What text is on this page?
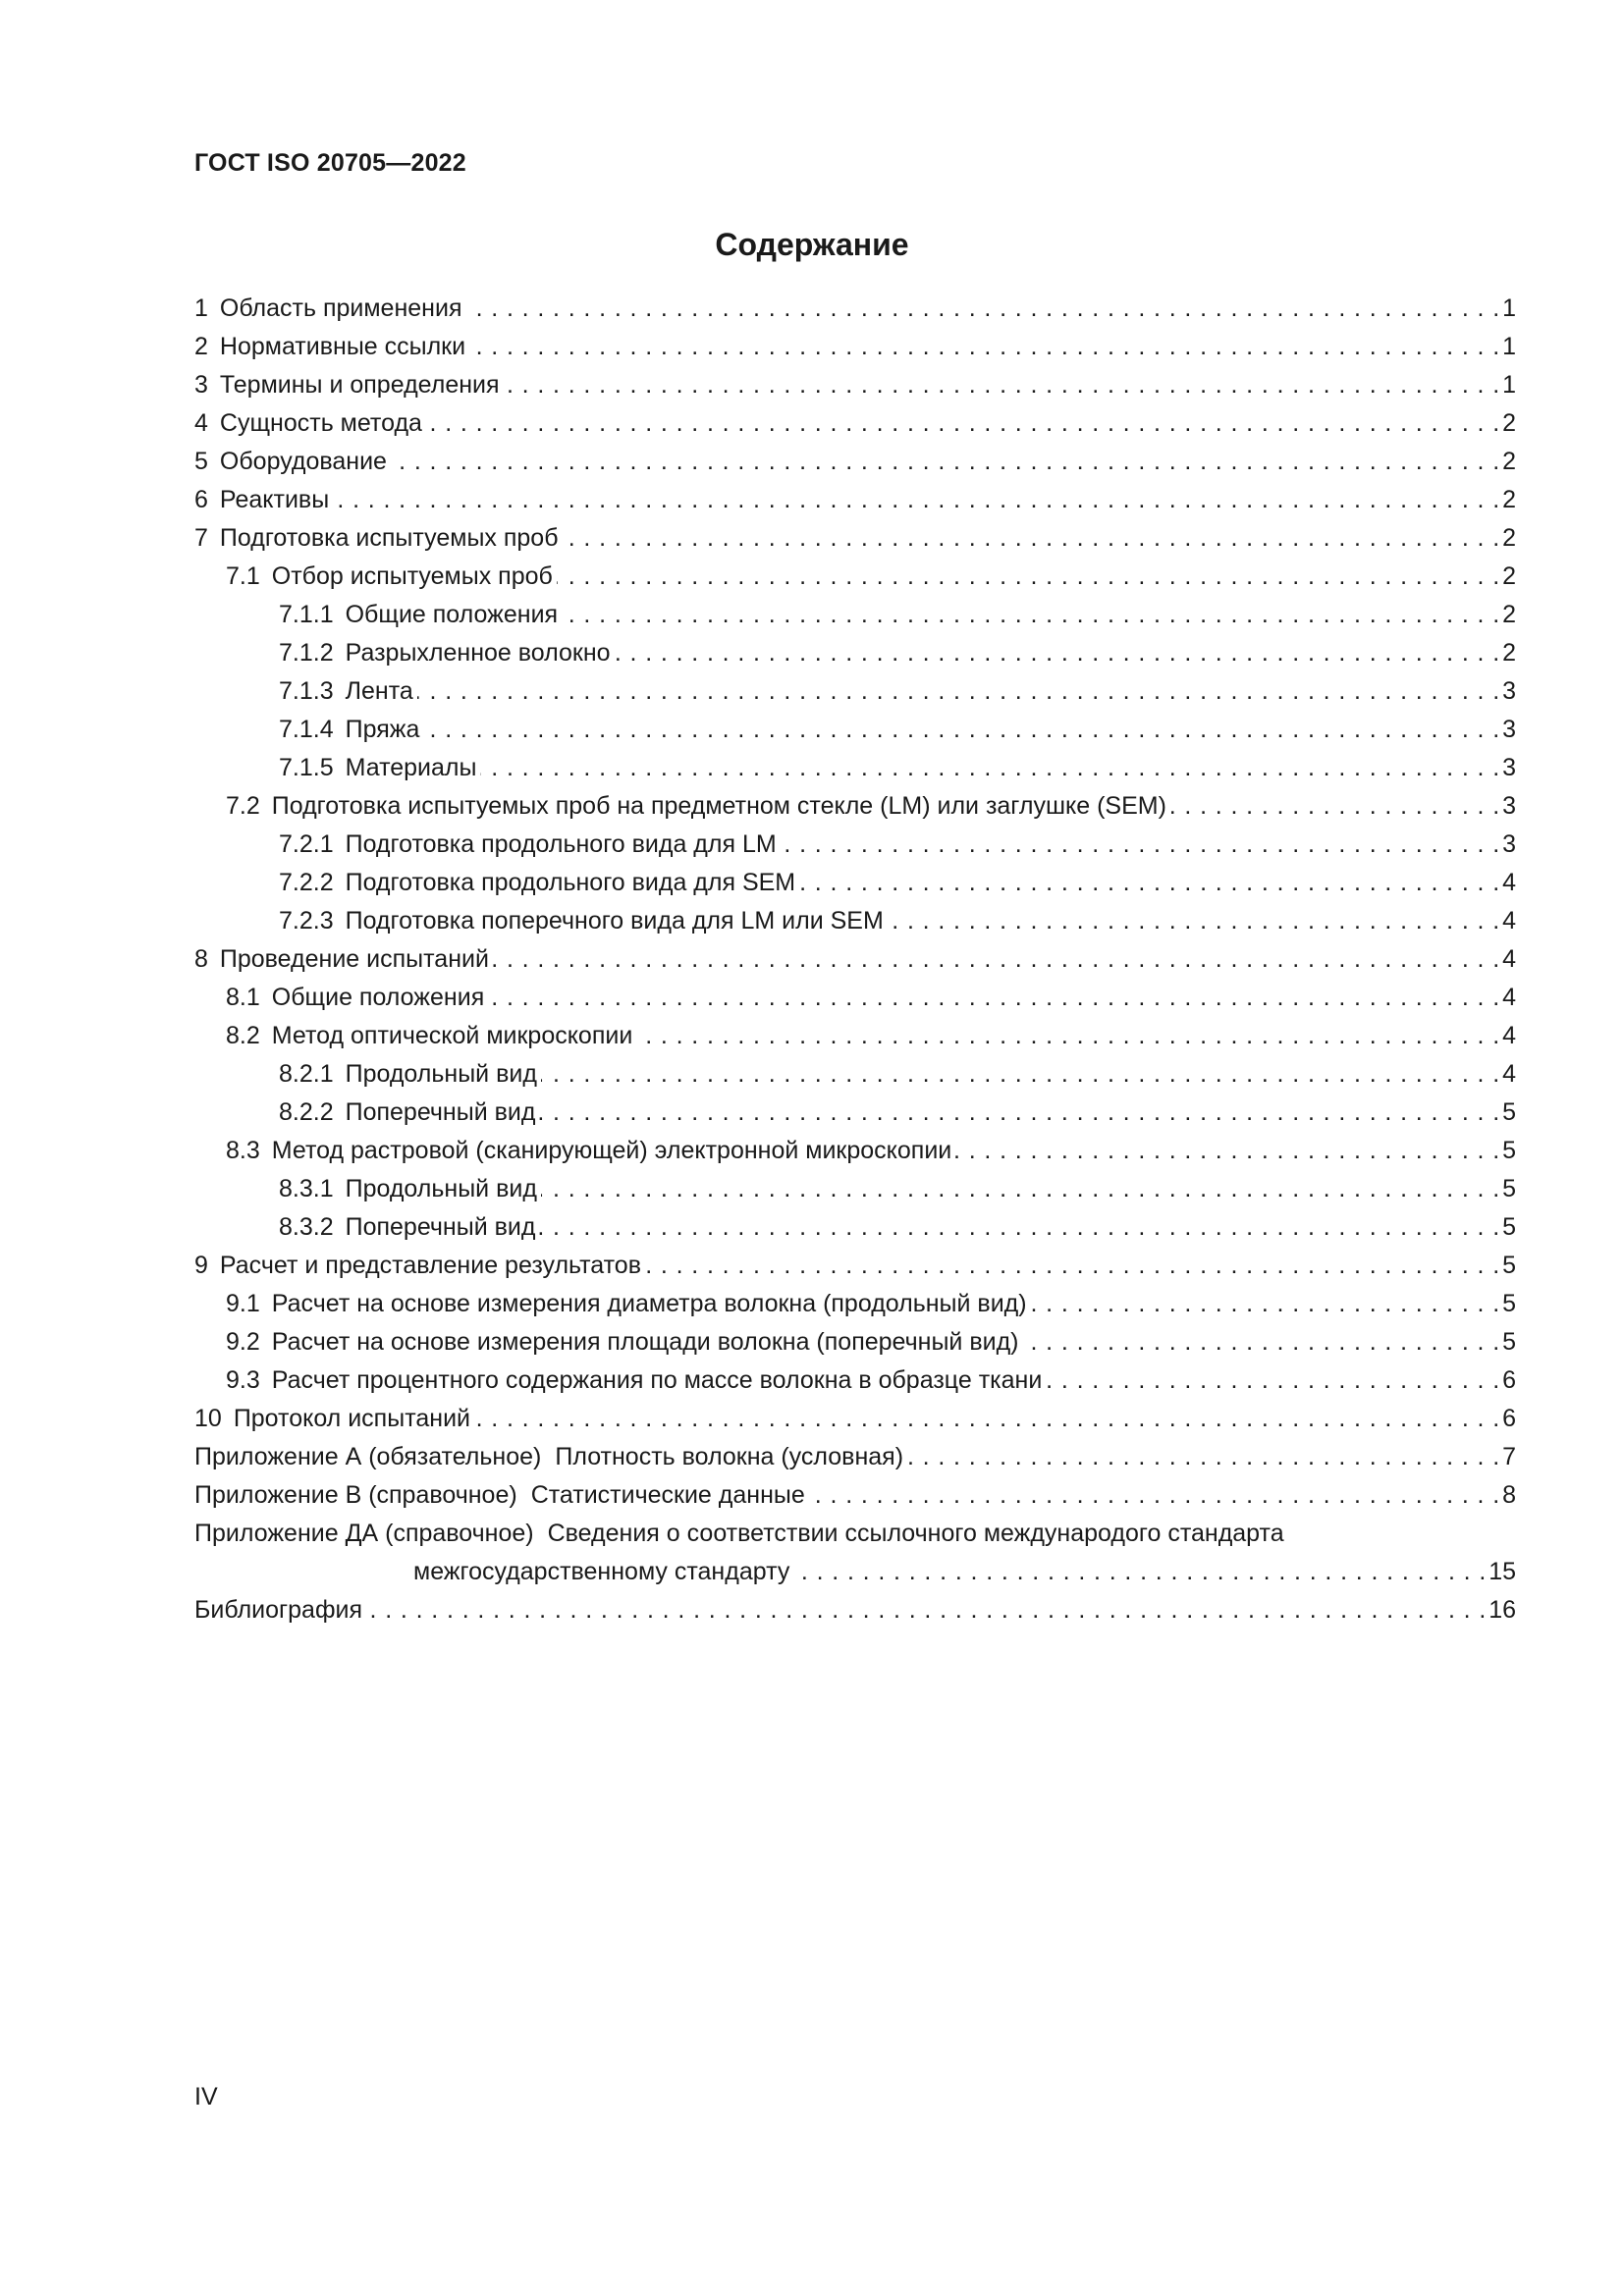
ГОСТ ISO 20705—2022
Содержание
1 Область применения . . .	1
2 Нормативные ссылки . . .	1
3 Термины и определения . . .	1
4 Сущность метода . . .	2
5 Оборудование . . .	2
6 Реактивы . . .	2
7 Подготовка испытуемых проб . . .	2
7.1 Отбор испытуемых проб . . .	2
7.1.1 Общие положения . . .	2
7.1.2 Разрыхленное волокно . . .	2
7.1.3 Лента . . .	3
7.1.4 Пряжа . . .	3
7.1.5 Материалы . . .	3
7.2 Подготовка испытуемых проб на предметном стекле (LM) или заглушке (SEM) . . .	3
7.2.1 Подготовка продольного вида для LM . . .	3
7.2.2 Подготовка продольного вида для SEM . . .	4
7.2.3 Подготовка поперечного вида для LM или SEM . . .	4
8 Проведение испытаний . . .	4
8.1 Общие положения . . .	4
8.2 Метод оптической микроскопии . . .	4
8.2.1 Продольный вид . . .	4
8.2.2 Поперечный вид . . .	5
8.3 Метод растровой (сканирующей) электронной микроскопии . . .	5
8.3.1 Продольный вид . . .	5
8.3.2 Поперечный вид . . .	5
9 Расчет и представление результатов . . .	5
9.1 Расчет на основе измерения диаметра волокна (продольный вид) . . .	5
9.2 Расчет на основе измерения площади волокна (поперечный вид) . . .	5
9.3 Расчет процентного содержания по массе волокна в образце ткани . . .	6
10 Протокол испытаний . . .	6
Приложение А (обязательное) Плотность волокна (условная) . . .	7
Приложение В (справочное) Статистические данные . . .	8
Приложение ДА (справочное) Сведения о соответствии ссылочного международого стандарта
межгосударственному стандарту . . .	15
Библиография . . .	16
IV
